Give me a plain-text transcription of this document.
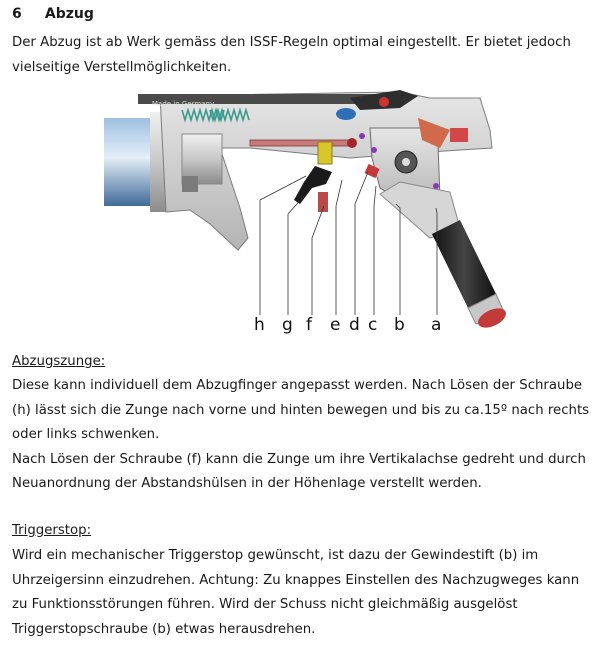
6 Abzug

Der Abzug ist ab Werk gemäss den ISSF-Regeln optimal eingestellt. Er bietet jedoch
vielseitige Verstellmöglichkeiten.

Made in Germany
h g f e d c b a

Abzugszunge:

Diese kann individuell dem Abzugfinger angepasst werden. Nach Lösen der Schraube
(h) lässt sich die Zunge nach vorne und hinten bewegen und bis zu ca.15º nach rechts
oder links schwenken.
Nach Lösen der Schraube (f) kann die Zunge um ihre Vertikalachse gedreht und durch
Neuanordnung der Abstandshülsen in der Höhenlage verstellt werden.

Triggerstop:

Wird ein mechanischer Triggerstop gewünscht, ist dazu der Gewindestift (b) im
Uhrzeigersinn einzudrehen. Achtung: Zu knappes Einstellen des Nachzugweges kann
zu Funktionsstörungen führen. Wird der Schuss nicht gleichmäßig ausgelöst
Triggerstopschraube (b) etwas herausdrehen.
